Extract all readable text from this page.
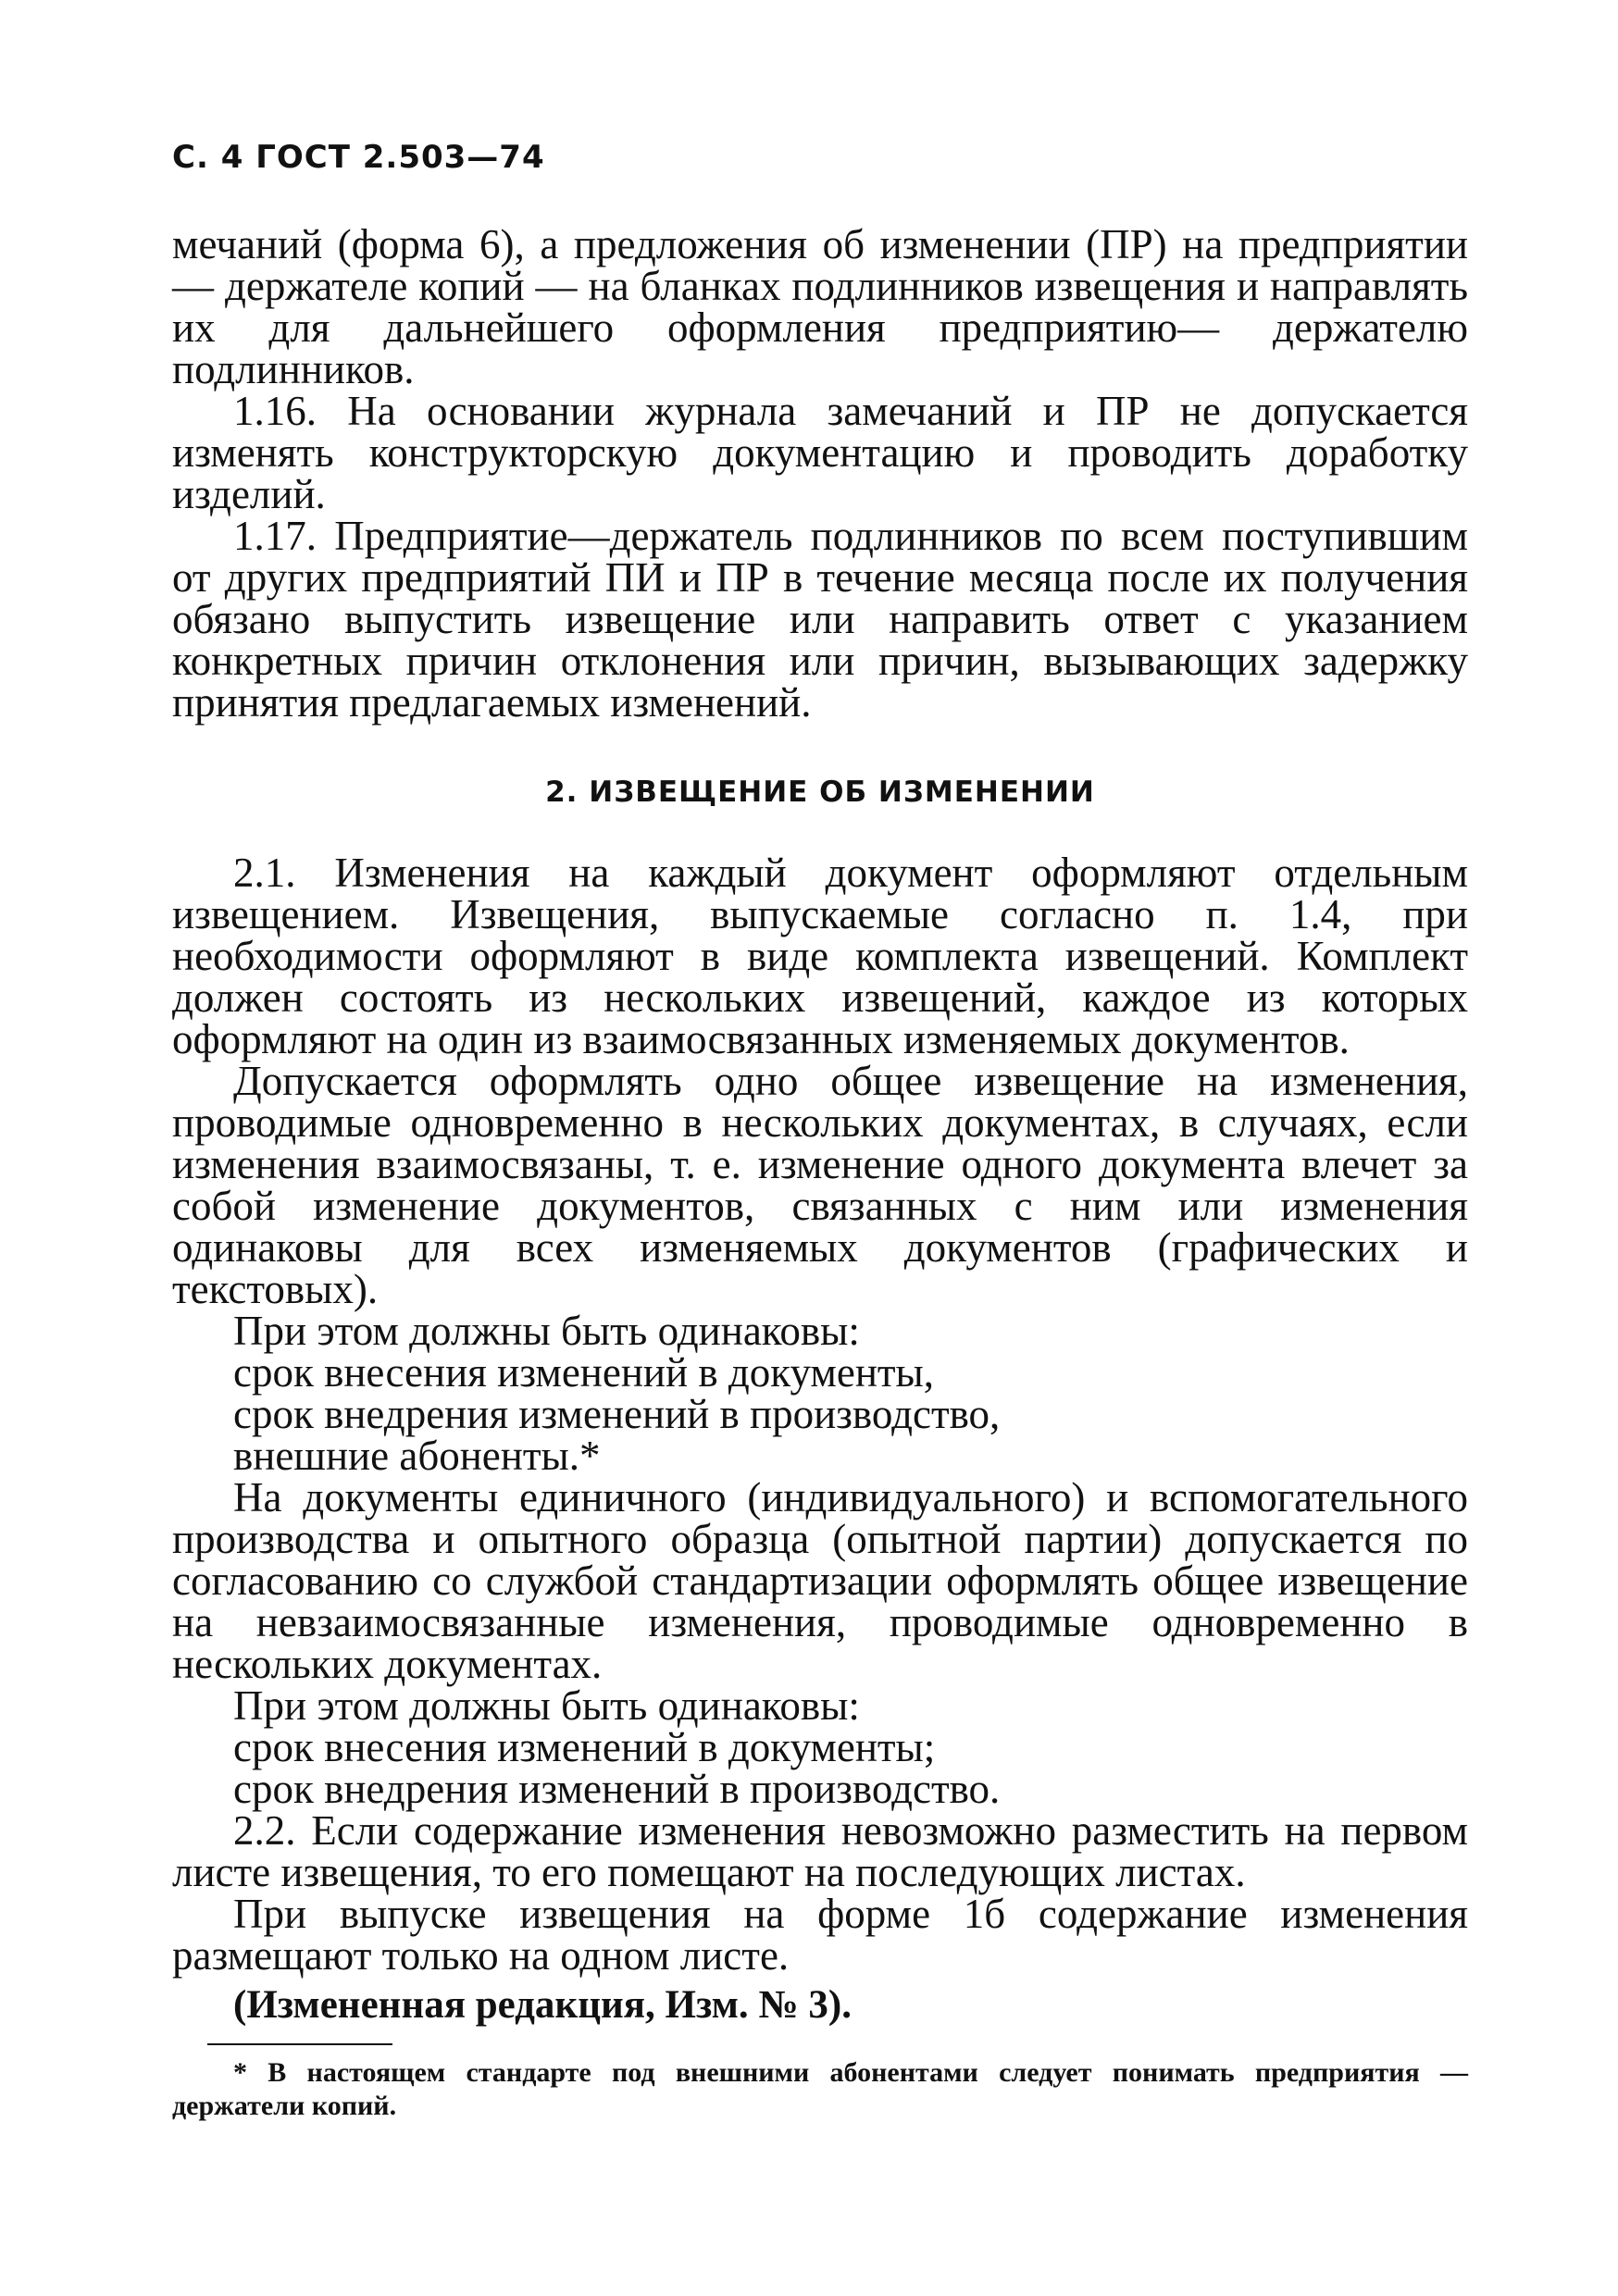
С. 4 ГОСТ 2.503—74

мечаний (форма 6), а предложения об изменении (ПР) на предприятии — держателе копий — на бланках подлинников извещения и направлять их для дальнейшего оформления предприятию— держателю подлинников.

1.16. На основании журнала замечаний и ПР не допускается изменять конструкторскую документацию и проводить доработку изделий.

1.17. Предприятие—держатель подлинников по всем поступившим от других предприятий ПИ и ПР в течение месяца после их получения обязано выпустить извещение или направить ответ с указанием конкретных причин отклонения или причин, вызывающих задержку принятия предлагаемых изменений.

2. ИЗВЕЩЕНИЕ ОБ ИЗМЕНЕНИИ

2.1. Изменения на каждый документ оформляют отдельным извещением. Извещения, выпускаемые согласно п. 1.4, при необходимости оформляют в виде комплекта извещений. Комплект должен состоять из нескольких извещений, каждое из которых оформляют на один из взаимосвязанных изменяемых документов.

Допускается оформлять одно общее извещение на изменения, проводимые одновременно в нескольких документах, в случаях, если изменения взаимосвязаны, т. е. изменение одного документа влечет за собой изменение документов, связанных с ним или изменения одинаковы для всех изменяемых документов (графических и текстовых).

При этом должны быть одинаковы:

срок внесения изменений в документы,

срок внедрения изменений в производство,

внешние абоненты.*

На документы единичного (индивидуального) и вспомогательного производства и опытного образца (опытной партии) допускается по согласованию со службой стандартизации оформлять общее извещение на невзаимосвязанные изменения, проводимые одновременно в нескольких документах.

При этом должны быть одинаковы:

срок внесения изменений в документы;

срок внедрения изменений в производство.

2.2. Если содержание изменения невозможно разместить на первом листе извещения, то его помещают на последующих листах.

При выпуске извещения на форме 1б содержание изменения размещают только на одном листе.

(Измененная редакция, Изм. № 3).
* В настоящем стандарте под внешними абонентами следует понимать предприятия — держатели копий.
